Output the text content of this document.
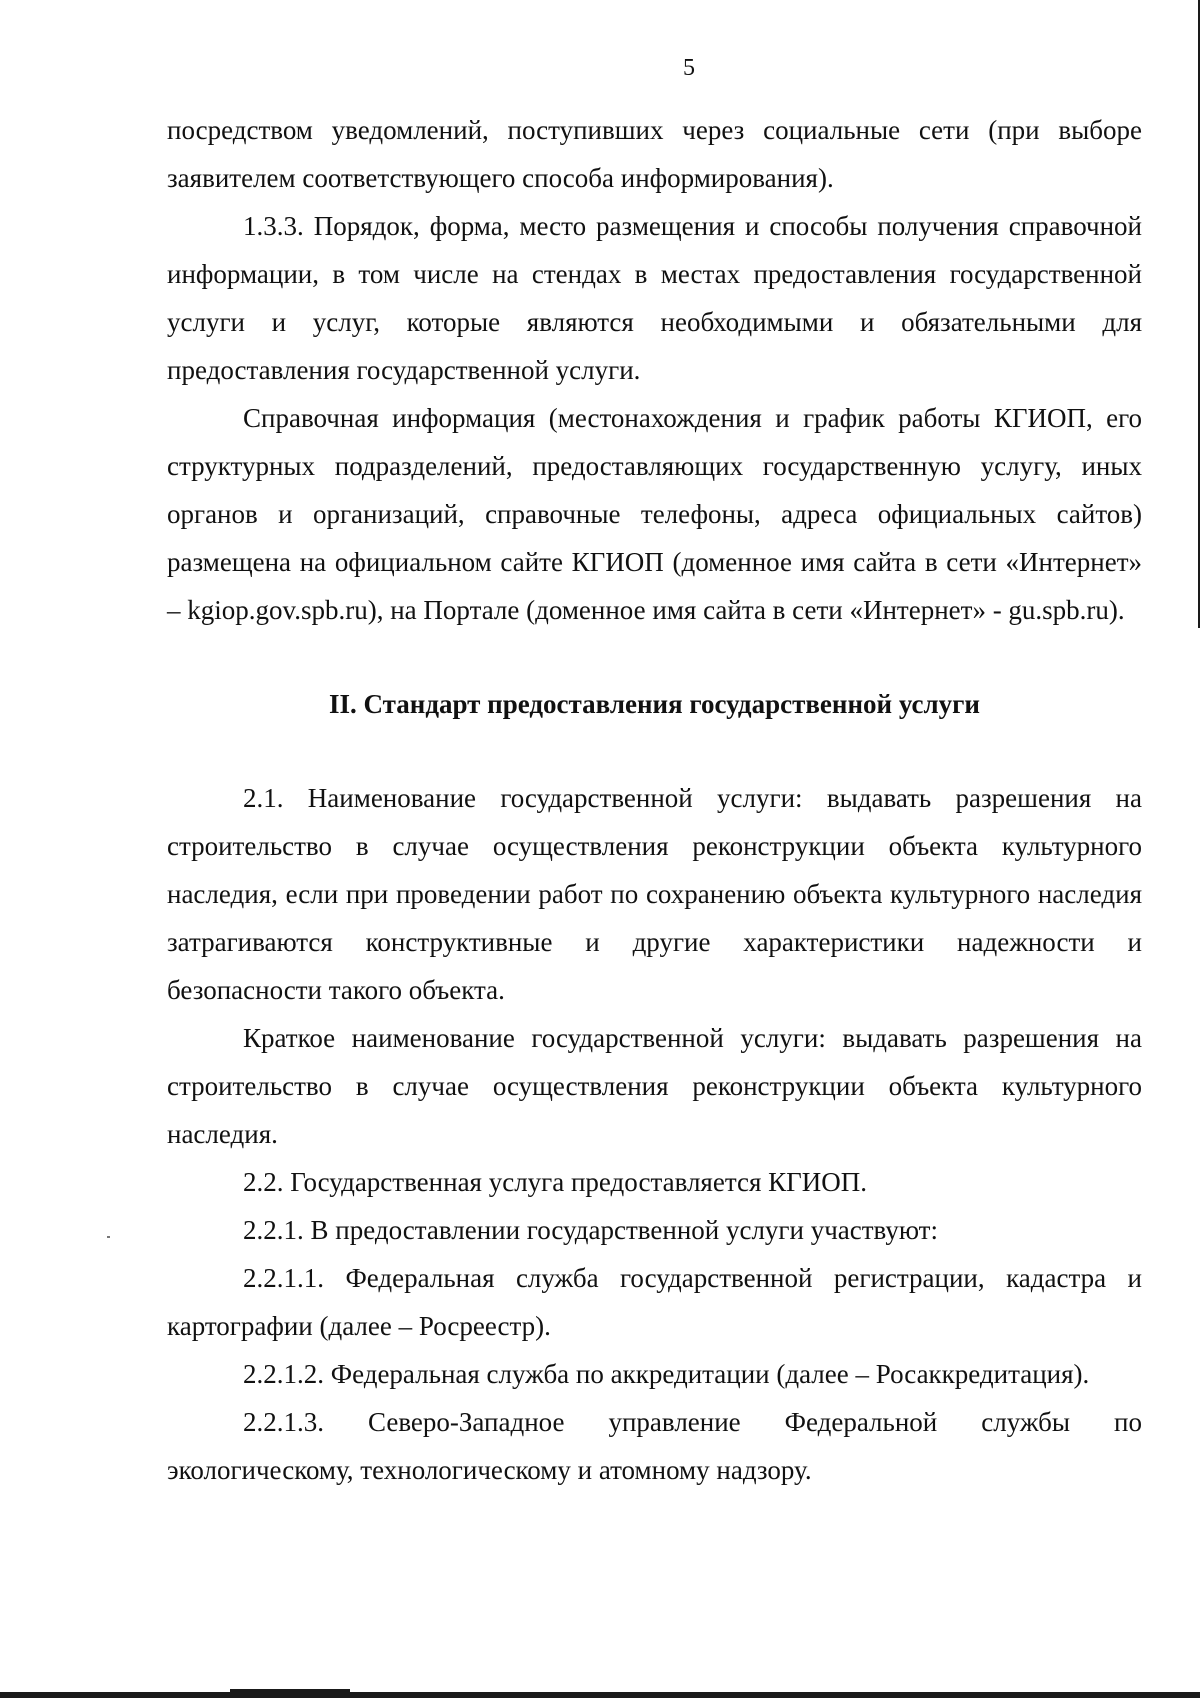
5

посредством уведомлений, поступивших через социальные сети (при выборе заявителем соответствующего способа информирования).

1.3.3. Порядок, форма, место размещения и способы получения справочной информации, в том числе на стендах в местах предоставления государственной услуги и услуг, которые являются необходимыми и обязательными для предоставления государственной услуги.

Справочная информация (местонахождения и график работы КГИОП, его структурных подразделений, предоставляющих государственную услугу, иных органов и организаций, справочные телефоны, адреса официальных сайтов) размещена на официальном сайте КГИОП (доменное имя сайта в сети «Интернет» – kgiop.gov.spb.ru), на Портале (доменное имя сайта в сети «Интернет» - gu.spb.ru).

II. Стандарт предоставления государственной услуги

2.1. Наименование государственной услуги: выдавать разрешения на строительство в случае осуществления реконструкции объекта культурного наследия, если при проведении работ по сохранению объекта культурного наследия затрагиваются конструктивные и другие характеристики надежности и безопасности такого объекта.

Краткое наименование государственной услуги: выдавать разрешения на строительство в случае осуществления реконструкции объекта культурного наследия.

2.2. Государственная услуга предоставляется КГИОП.

2.2.1. В предоставлении государственной услуги участвуют:

2.2.1.1. Федеральная служба государственной регистрации, кадастра и картографии (далее – Росреестр).

2.2.1.2. Федеральная служба по аккредитации (далее – Росаккредитация).

2.2.1.3. Северо-Западное управление Федеральной службы по экологическому, технологическому и атомному надзору.
